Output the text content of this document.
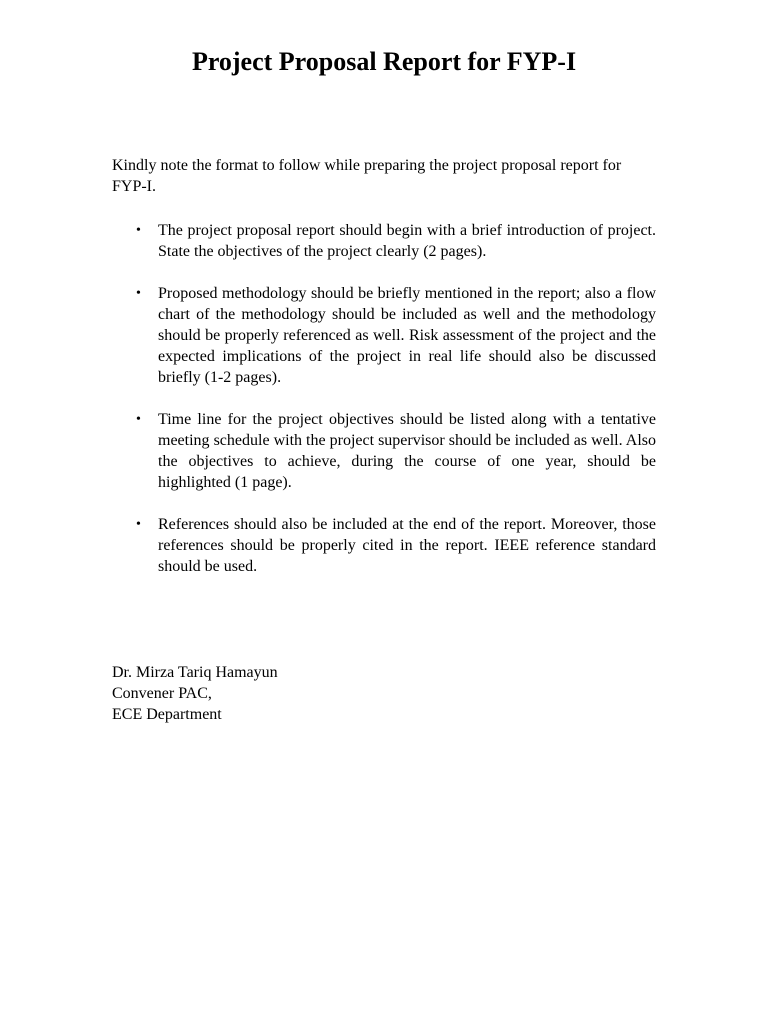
Project Proposal Report for FYP-I

Kindly note the format to follow while preparing the project proposal report for FYP-I.

• The project proposal report should begin with a brief introduction of project. State the objectives of the project clearly (2 pages).
• Proposed methodology should be briefly mentioned in the report; also a flow chart of the methodology should be included as well and the methodology should be properly referenced as well. Risk assessment of the project and the expected implications of the project in real life should also be discussed briefly (1-2 pages).
• Time line for the project objectives should be listed along with a tentative meeting schedule with the project supervisor should be included as well. Also the objectives to achieve, during the course of one year, should be highlighted (1 page).
• References should also be included at the end of the report. Moreover, those references should be properly cited in the report. IEEE reference standard should be used.
Dr. Mirza Tariq Hamayun
Convener PAC,
ECE Department
